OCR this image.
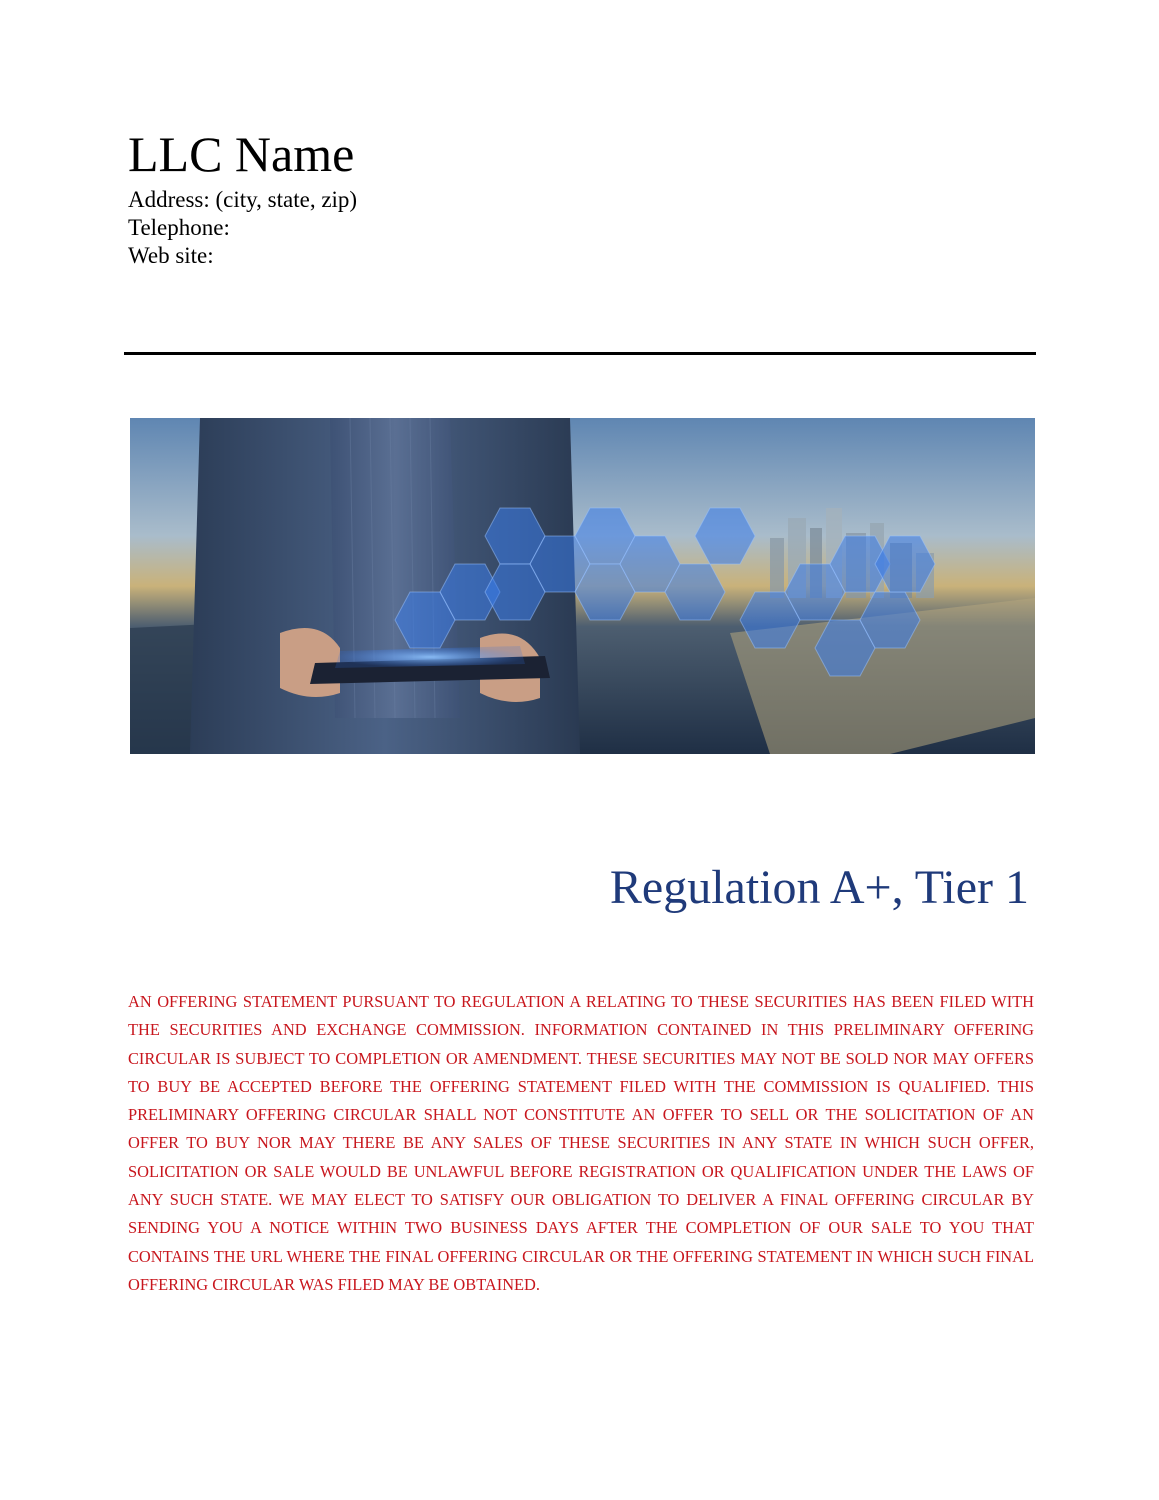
LLC Name
Address: (city, state, zip)
Telephone:
Web site:
Regulation A+, Tier 1

AN OFFERING STATEMENT PURSUANT TO REGULATION A RELATING TO THESE SECURITIES HAS BEEN FILED WITH THE SECURITIES AND EXCHANGE COMMISSION. INFORMATION CONTAINED IN THIS PRELIMINARY OFFERING CIRCULAR IS SUBJECT TO COMPLETION OR AMENDMENT. THESE SECURITIES MAY NOT BE SOLD NOR MAY OFFERS TO BUY BE ACCEPTED BEFORE THE OFFERING STATEMENT FILED WITH THE COMMISSION IS QUALIFIED. THIS PRELIMINARY OFFERING CIRCULAR SHALL NOT CONSTITUTE AN OFFER TO SELL OR THE SOLICITATION OF AN OFFER TO BUY NOR MAY THERE BE ANY SALES OF THESE SECURITIES IN ANY STATE IN WHICH SUCH OFFER, SOLICITATION OR SALE WOULD BE UNLAWFUL BEFORE REGISTRATION OR QUALIFICATION UNDER THE LAWS OF ANY SUCH STATE. WE MAY ELECT TO SATISFY OUR OBLIGATION TO DELIVER A FINAL OFFERING CIRCULAR BY SENDING YOU A NOTICE WITHIN TWO BUSINESS DAYS AFTER THE COMPLETION OF OUR SALE TO YOU THAT CONTAINS THE URL WHERE THE FINAL OFFERING CIRCULAR OR THE OFFERING STATEMENT IN WHICH SUCH FINAL OFFERING CIRCULAR WAS FILED MAY BE OBTAINED.
